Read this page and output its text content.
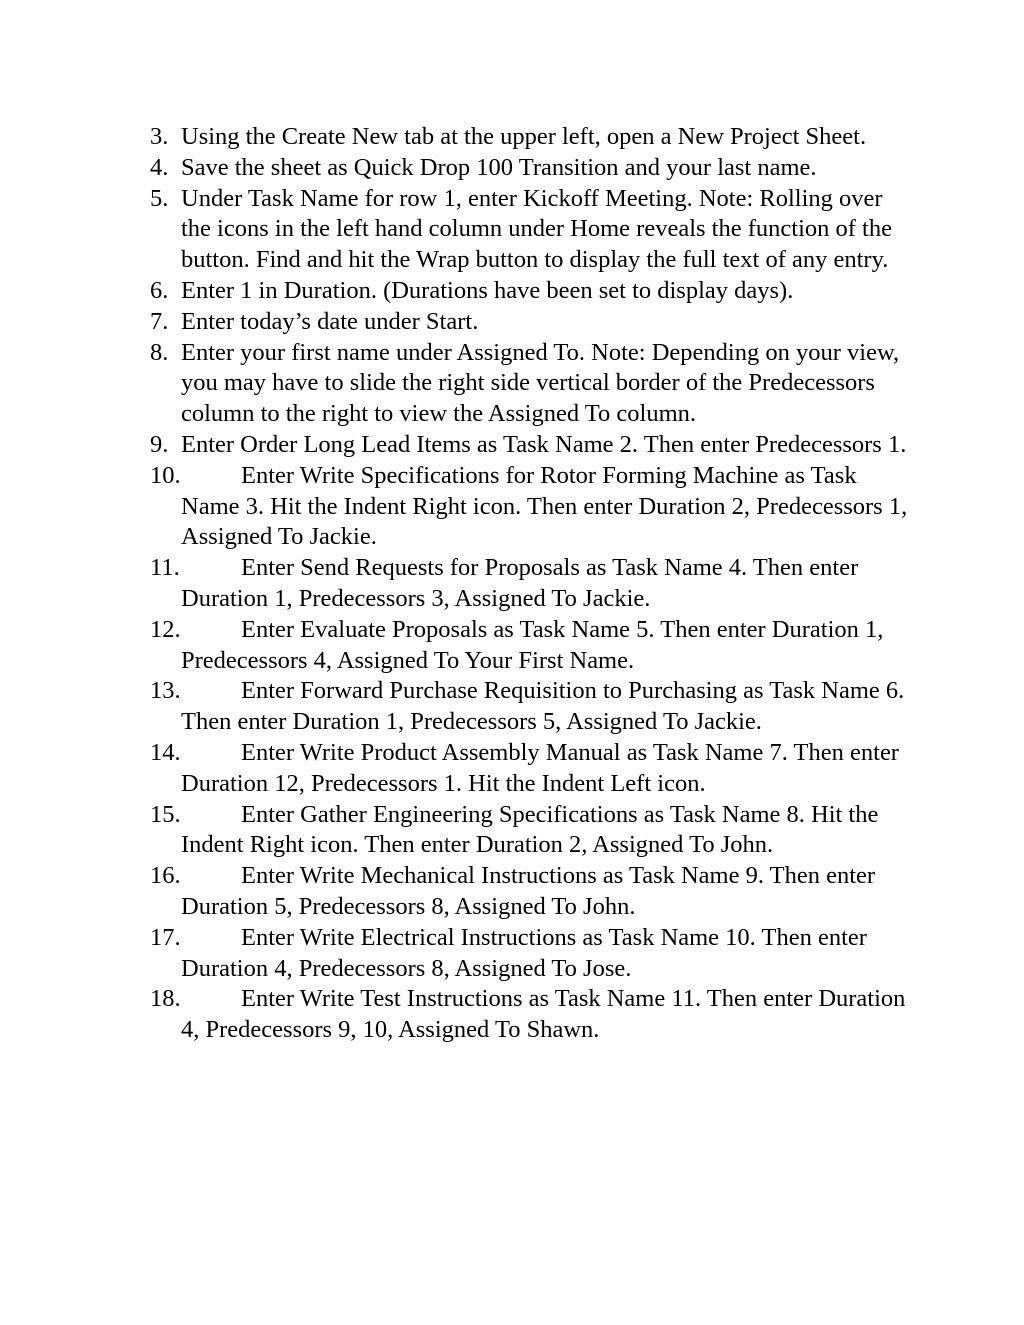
3. Using the Create New tab at the upper left, open a New Project Sheet.
4. Save the sheet as Quick Drop 100 Transition and your last name.
5. Under Task Name for row 1, enter Kickoff Meeting. Note: Rolling over the icons in the left hand column under Home reveals the function of the button. Find and hit the Wrap button to display the full text of any entry.
6. Enter 1 in Duration. (Durations have been set to display days).
7. Enter today’s date under Start.
8. Enter your first name under Assigned To. Note: Depending on your view, you may have to slide the right side vertical border of the Predecessors column to the right to view the Assigned To column.
9. Enter Order Long Lead Items as Task Name 2. Then enter Predecessors 1.
10.	Enter Write Specifications for Rotor Forming Machine as Task Name 3. Hit the Indent Right icon. Then enter Duration 2, Predecessors 1, Assigned To Jackie.
11.	Enter Send Requests for Proposals as Task Name 4. Then enter Duration 1, Predecessors 3, Assigned To Jackie.
12.	Enter Evaluate Proposals as Task Name 5. Then enter Duration 1, Predecessors 4, Assigned To Your First Name.
13.	Enter Forward Purchase Requisition to Purchasing as Task Name 6. Then enter Duration 1, Predecessors 5, Assigned To Jackie.
14.	Enter Write Product Assembly Manual as Task Name 7. Then enter Duration 12, Predecessors 1. Hit the Indent Left icon.
15.	Enter Gather Engineering Specifications as Task Name 8. Hit the Indent Right icon. Then enter Duration 2, Assigned To John.
16.	Enter Write Mechanical Instructions as Task Name 9. Then enter Duration 5, Predecessors 8, Assigned To John.
17.	Enter Write Electrical Instructions as Task Name 10. Then enter Duration 4, Predecessors 8, Assigned To Jose.
18.	Enter Write Test Instructions as Task Name 11. Then enter Duration 4, Predecessors 9, 10, Assigned To Shawn.
